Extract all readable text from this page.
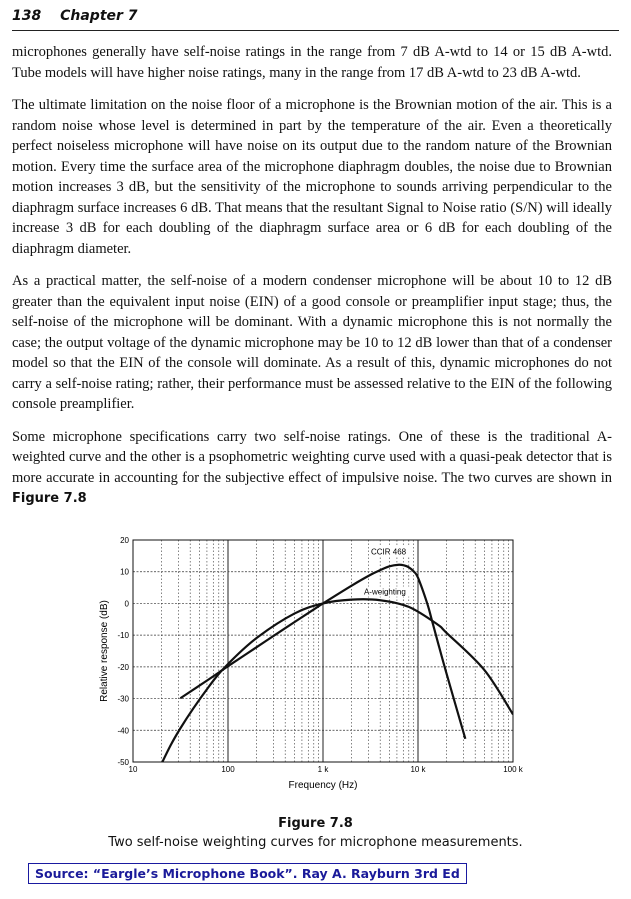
138 Chapter 7

microphones generally have self-noise ratings in the range from 7 dB A-wtd to 14 or 15 dB A-wtd. Tube models will have higher noise ratings, many in the range from 17 dB A-wtd to 23 dB A-wtd.

The ultimate limitation on the noise floor of a microphone is the Brownian motion of the air. This is a random noise whose level is determined in part by the temperature of the air. Even a theoretically perfect noiseless microphone will have noise on its output due to the random nature of the Brownian motion. Every time the surface area of the microphone diaphragm doubles, the noise due to Brownian motion increases 3 dB, but the sensitivity of the microphone to sounds arriving perpendicular to the diaphragm surface increases 6 dB. That means that the resultant Signal to Noise ratio (S/N) will ideally increase 3 dB for each doubling of the diaphragm surface area or 6 dB for each doubling of the diaphragm diameter.

As a practical matter, the self-noise of a modern condenser microphone will be about 10 to 12 dB greater than the equivalent input noise (EIN) of a good console or preamplifier input stage; thus, the self-noise of the microphone will be dominant. With a dynamic microphone this is not normally the case; the output voltage of the dynamic microphone may be 10 to 12 dB lower than that of a condenser model so that the EIN of the console will dominate. As a result of this, dynamic microphones do not carry a self-noise rating; rather, their performance must be assessed relative to the EIN of the following console preamplifier.

Some microphone specifications carry two self-noise ratings. One of these is the traditional A-weighted curve and the other is a psophometric weighting curve used with a quasi-peak detector that is more accurate in accounting for the subjective effect of impulsive noise. The two curves are shown in Figure 7.8

10	100	1 k	10 k	100 k
20
10
0
-10
-20
-30
-40
-50
Frequency (Hz)
Relative response (dB)
CCIR 468
A-weighting
Figure 7.8
Two self-noise weighting curves for microphone measurements.
Source: “Eargle’s Microphone Book”. Ray A. Rayburn 3rd Ed
